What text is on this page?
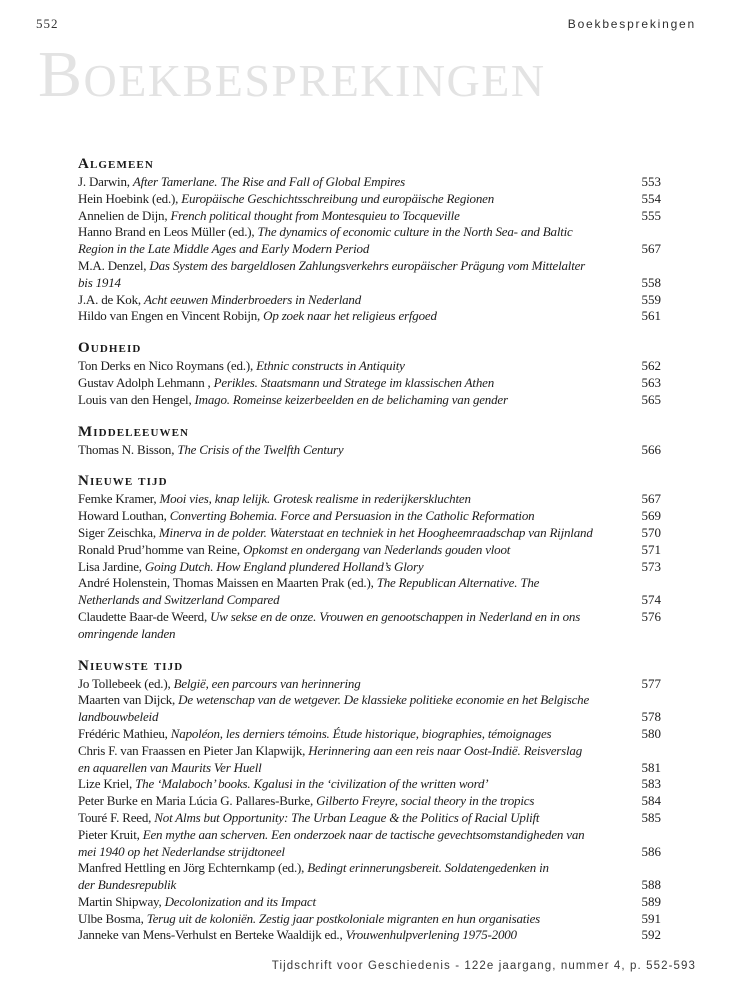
552	Boekbesprekingen
Boekbesprekingen
Algemeen
J. Darwin, After Tamerlane. The Rise and Fall of Global Empires	553
Hein Hoebink (ed.), Europäische Geschichtsschreibung und europäische Regionen	554
Annelien de Dijn, French political thought from Montesquieu to Tocqueville	555
Hanno Brand en Leos Müller (ed.), The dynamics of economic culture in the North Sea- and Baltic
Region in the Late Middle Ages and Early Modern Period	567
M.A. Denzel, Das System des bargeldlosen Zahlungsverkehrs europäischer Prägung vom Mittelalter
bis 1914	558
J.A. de Kok, Acht eeuwen Minderbroeders in Nederland	559
Hildo van Engen en Vincent Robijn, Op zoek naar het religieus erfgoed	561
Oudheid
Ton Derks en Nico Roymans (ed.), Ethnic constructs in Antiquity	562
Gustav Adolph Lehmann , Perikles. Staatsmann und Stratege im klassischen Athen	563
Louis van den Hengel, Imago. Romeinse keizerbeelden en de belichaming van gender	565
Middeleeuwen
Thomas N. Bisson, The Crisis of the Twelfth Century	566
Nieuwe tijd
Femke Kramer, Mooi vies, knap lelijk. Grotesk realisme in rederijkerskluchten	567
Howard Louthan, Converting Bohemia. Force and Persuasion in the Catholic Reformation	569
Siger Zeischka, Minerva in de polder. Waterstaat en techniek in het Hoogheemraadschap van Rijnland	570
Ronald Prud’homme van Reine, Opkomst en ondergang van Nederlands gouden vloot	571
Lisa Jardine, Going Dutch. How England plundered Holland’s Glory	573
André Holenstein, Thomas Maissen en Maarten Prak (ed.), The Republican Alternative. The
Netherlands and Switzerland Compared	574
Claudette Baar-de Weerd, Uw sekse en de onze. Vrouwen en genootschappen in Nederland en in ons	576
omringende landen
Nieuwste tijd
Jo Tollebeek (ed.), België, een parcours van herinnering	577
Maarten van Dijck, De wetenschap van de wetgever. De klassieke politieke economie en het Belgische
landbouwbeleid	578
Frédéric Mathieu, Napoléon, les derniers témoins. Étude historique, biographies, témoignages	580
Chris F. van Fraassen en Pieter Jan Klapwijk, Herinnering aan een reis naar Oost-Indië. Reisverslag
en aquarellen van Maurits Ver Huell	581
Lize Kriel, The ‘Malaboch’ books. Kgalusi in the ‘civilization of the written word’	583
Peter Burke en Maria Lúcia G. Pallares-Burke, Gilberto Freyre, social theory in the tropics	584
Touré F. Reed, Not Alms but Opportunity: The Urban League & the Politics of Racial Uplift	585
Pieter Kruit, Een mythe aan scherven. Een onderzoek naar de tactische gevechtsomstandigheden van
mei 1940 op het Nederlandse strijdtoneel	586
Manfred Hettling en Jörg Echternkamp (ed.), Bedingt erinnerungsbereit. Soldatengedenken in
der Bundesrepublik	588
Martin Shipway, Decolonization and its Impact	589
Ulbe Bosma, Terug uit de koloniën. Zestig jaar postkoloniale migranten en hun organisaties	591
Janneke van Mens-Verhulst en Berteke Waaldijk ed., Vrouwenhulpverlening 1975-2000	592
Tijdschrift voor Geschiedenis - 122e jaargang, nummer 4, p. 552-593
